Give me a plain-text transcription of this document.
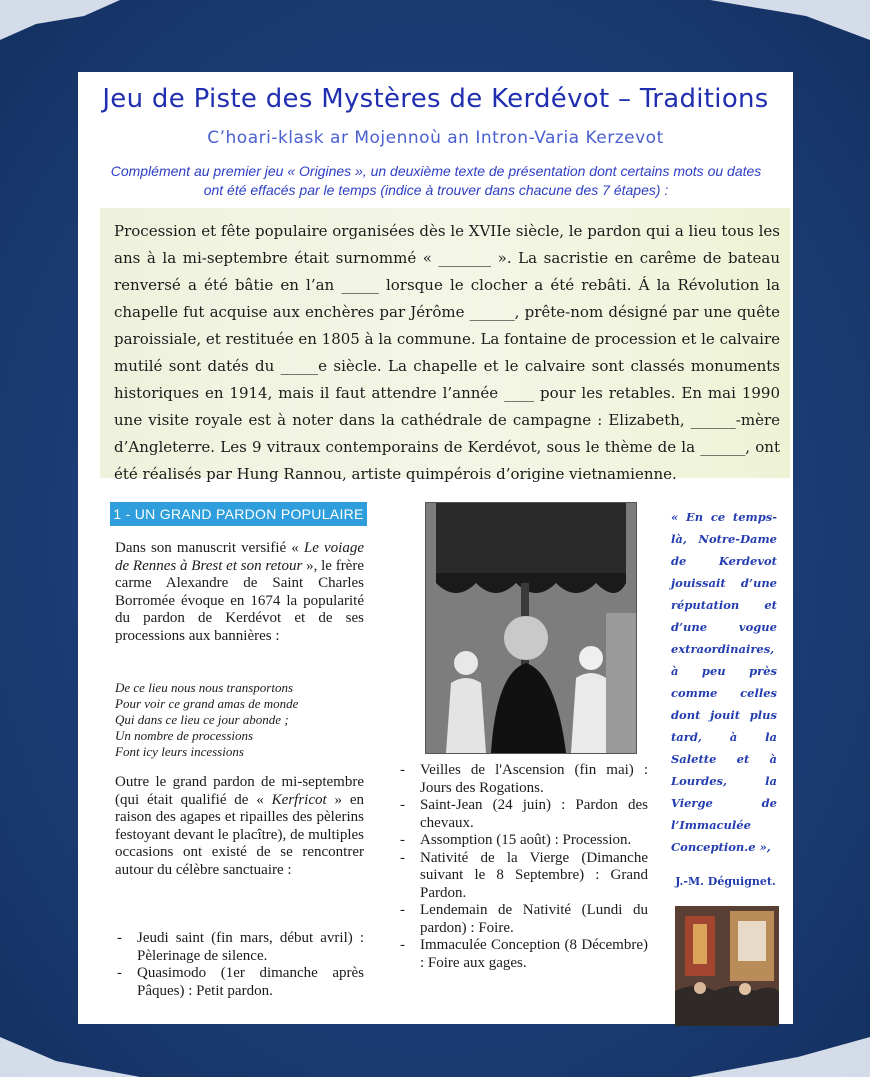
Jeu de Piste des Mystères de Kerdévot – Traditions
C’hoari-klask ar Mojennoù an Intron-Varia Kerzevot
Complément au premier jeu « Origines », un deuxième texte de présentation dont certains mots ou dates ont été effacés par le temps (indice à trouver dans chacune des 7 étapes) :
Procession et fête populaire organisées dès le XVIIe siècle, le pardon qui a lieu tous les ans à la mi-septembre était surnommé « _______ ». La sacristie en carême de bateau renversé a été bâtie en l’an _____ lorsque le clocher a été rebâti. Á la Révolution la chapelle fut acquise aux enchères par Jérôme ______, prête-nom désigné par une quête paroissiale, et restituée en 1805 à la commune. La fontaine de procession et le calvaire mutilé sont datés du _____e siècle. La chapelle et le calvaire sont classés monuments historiques en 1914, mais il faut attendre l’année ____ pour les retables. En mai 1990 une visite royale est à noter dans la cathédrale de campagne : Elizabeth, ______-mère d’Angleterre. Les 9 vitraux contemporains de Kerdévot, sous le thème de la ______, ont été réalisés par Hung Rannou, artiste quimpérois d’origine vietnamienne.
1 - UN GRAND PARDON POPULAIRE
Dans son manuscrit versifié « Le voiage de Rennes à Brest et son retour », le frère carme Alexandre de Saint Charles Borromée évoque en 1674 la popularité du pardon de Kerdévot et de ses processions aux bannières :
De ce lieu nous nous transportons
Pour voir ce grand amas de monde
Qui dans ce lieu ce jour abonde ;
Un nombre de processions
Font icy leurs incessions
Outre le grand pardon de mi-septembre (qui était qualifié de « Kerfricot » en raison des agapes et ripailles des pèlerins festoyant devant le placître), de multiples occasions ont existé de se rencontrer autour du célèbre sanctuaire :
- Jeudi saint (fin mars, début avril) : Pèlerinage de silence.
- Quasimodo (1er dimanche après Pâques) : Petit pardon.
- Veilles de l'Ascension (fin mai) : Jours des Rogations.
- Saint-Jean (24 juin) : Pardon des chevaux.
- Assomption (15 août) : Procession.
- Nativité de la Vierge (Dimanche suivant le 8 Septembre) : Grand Pardon.
- Lendemain de Nativité (Lundi du pardon) : Foire.
- Immaculée Conception (8 Décembre) : Foire aux gages.
« En ce temps-là, Notre-Dame de Kerdevot jouissait d’une réputation et d’une vogue extraordinaires, à peu près comme celles dont jouit plus tard, à la Salette et à Lourdes, la Vierge de l’Immaculée Conception.e »,
J.-M. Déguignet.
